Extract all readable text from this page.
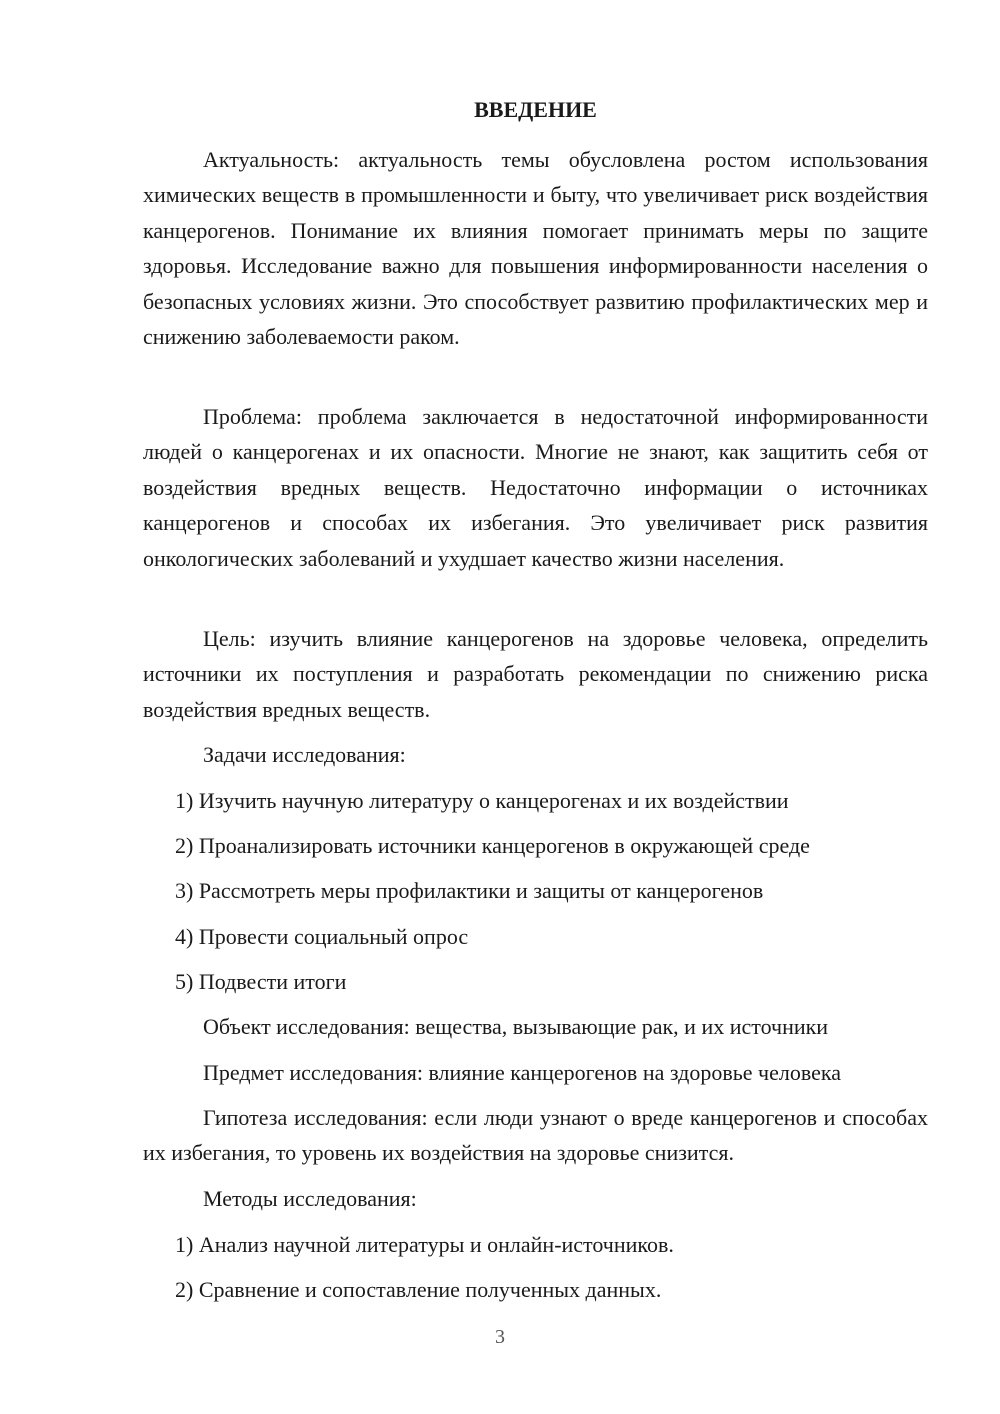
ВВЕДЕНИЕ

Актуальность: актуальность темы обусловлена ростом использования химических веществ в промышленности и быту, что увеличивает риск воздействия канцерогенов. Понимание их влияния помогает принимать меры по защите здоровья. Исследование важно для повышения информированности населения о безопасных условиях жизни. Это способствует развитию профилактических мер и снижению заболеваемости раком.

Проблема: проблема заключается в недостаточной информированности людей о канцерогенах и их опасности. Многие не знают, как защитить себя от воздействия вредных веществ. Недостаточно информации о источниках канцерогенов и способах их избегания. Это увеличивает риск развития онкологических заболеваний и ухудшает качество жизни населения.

Цель: изучить влияние канцерогенов на здоровье человека, определить источники их поступления и разработать рекомендации по снижению риска воздействия вредных веществ.

Задачи исследования:

1) Изучить научную литературу о канцерогенах и их воздействии

2) Проанализировать источники канцерогенов в окружающей среде

3) Рассмотреть меры профилактики и защиты от канцерогенов

4) Провести социальный опрос

5) Подвести итоги

Объект исследования: вещества, вызывающие рак, и их источники

Предмет исследования: влияние канцерогенов на здоровье человека

Гипотеза исследования: если люди узнают о вреде канцерогенов и способах их избегания, то уровень их воздействия на здоровье снизится.

Методы исследования:

1) Анализ научной литературы и онлайн-источников.

2) Сравнение и сопоставление полученных данных.

3
